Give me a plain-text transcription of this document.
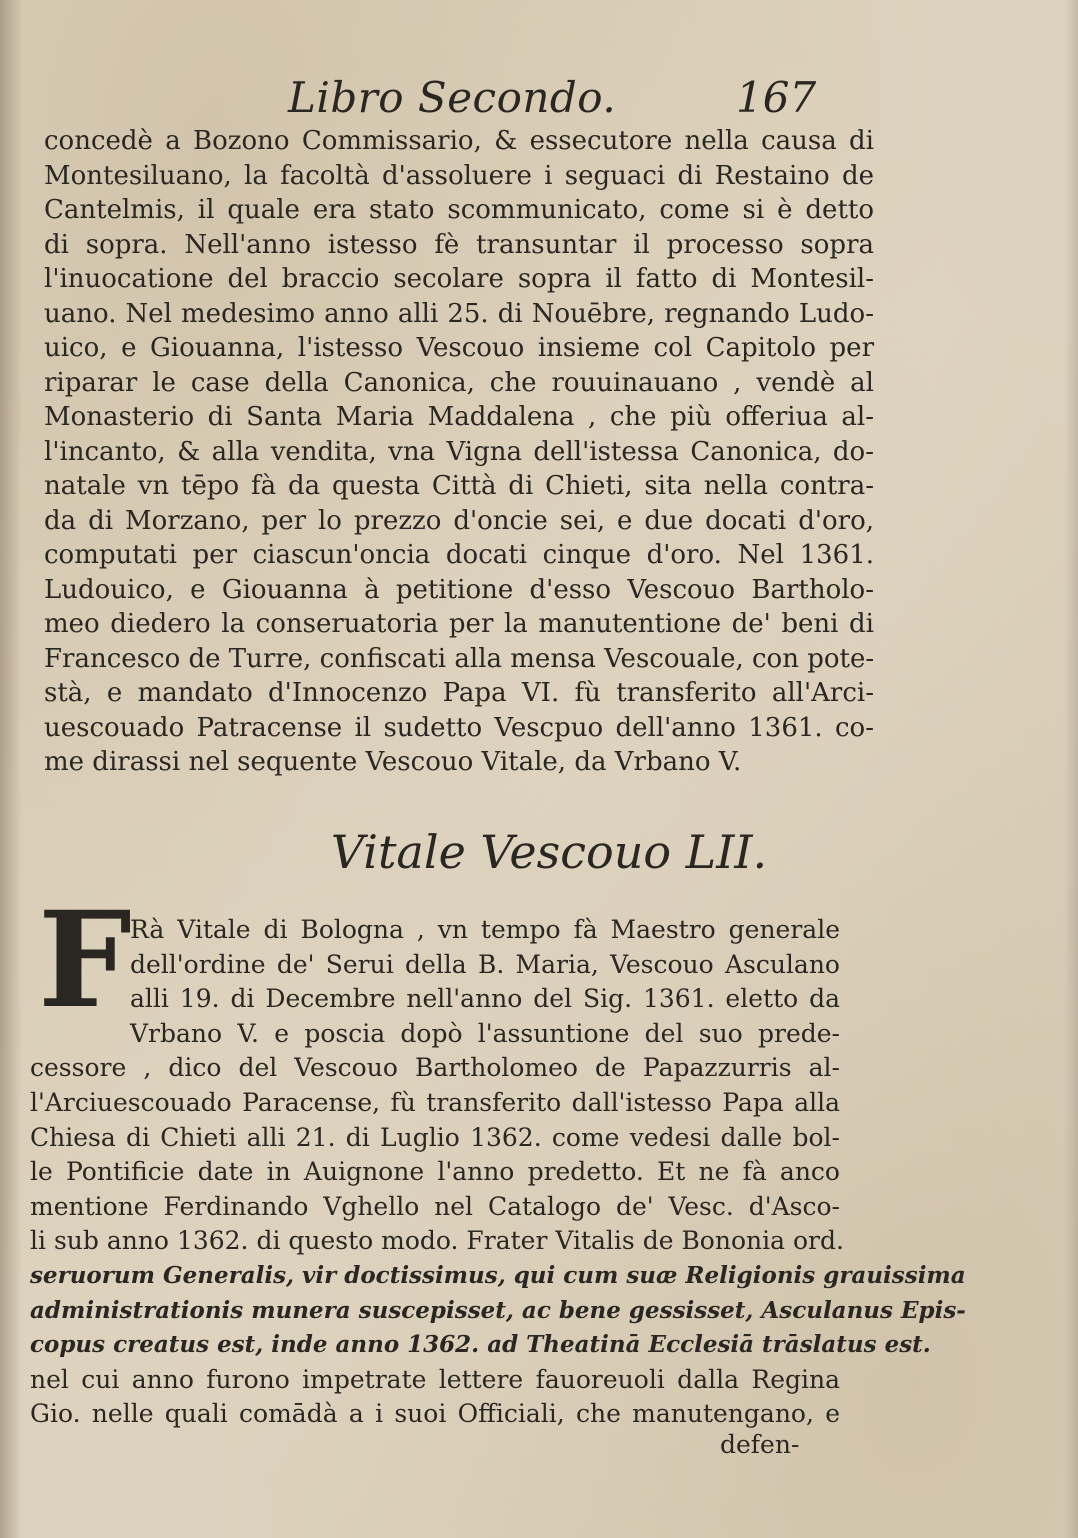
Libro Secondo.	167
concedè a Bozono Commissario, & essecutore nella causa di
Montesiluano, la facoltà d'assoluere i seguaci di Restaino de
Cantelmis, il quale era stato scommunicato, come si è detto
di sopra. Nell'anno istesso fè transuntar il processo sopra
l'inuocatione del braccio secolare sopra il fatto di Montesil-
uano. Nel medesimo anno alli 25. di Nouēbre, regnando Ludo-
uico, e Giouanna, l'istesso Vescouo insieme col Capitolo per
riparar le case della Canonica, che rouuinauano , vendè al
Monasterio di Santa Maria Maddalena , che più offeriua al-
l'incanto, & alla vendita, vna Vigna dell'istessa Canonica, do-
natale vn tēpo fà da questa Città di Chieti, sita nella contra-
da di Morzano, per lo prezzo d'oncie sei, e due docati d'oro,
computati per ciascun'oncia docati cinque d'oro. Nel 1361.
Ludouico, e Giouanna à petitione d'esso Vescouo Bartholo-
meo diedero la conseruatoria per la manutentione de' beni di
Francesco de Turre, confiscati alla mensa Vescouale, con pote-
stà, e mandato d'Innocenzo Papa VI. fù transferito all'Arci-
uescouado Patracense il sudetto Vescpuo dell'anno 1361. co-
me dirassi nel sequente Vescouo Vitale, da Vrbano V.
Vitale Vescouo LII.
F
Rà Vitale di Bologna , vn tempo fà Maestro generale
dell'ordine de' Serui della B. Maria, Vescouo Asculano
alli 19. di Decembre nell'anno del Sig. 1361. eletto da
Vrbano V. e poscia dopò l'assuntione del suo prede-
cessore , dico del Vescouo Bartholomeo de Papazzurris al-
l'Arciuescouado Paracense, fù transferito dall'istesso Papa alla
Chiesa di Chieti alli 21. di Luglio 1362. come vedesi dalle bol-
le Pontificie date in Auignone l'anno predetto. Et ne fà anco
mentione Ferdinando Vghello nel Catalogo de' Vesc. d'Asco-
li sub anno 1362. di questo modo. Frater Vitalis de Bononia ord.
seruorum Generalis, vir doctissimus, qui cum suæ Religionis grauissima
administrationis munera suscepisset, ac bene gessisset, Asculanus Epis-
copus creatus est, inde anno 1362. ad Theatinā Ecclesiā trāslatus est.
nel cui anno furono impetrate lettere fauoreuoli dalla Regina
Gio. nelle quali comādà a i suoi Officiali, che manutengano, e
defen-
